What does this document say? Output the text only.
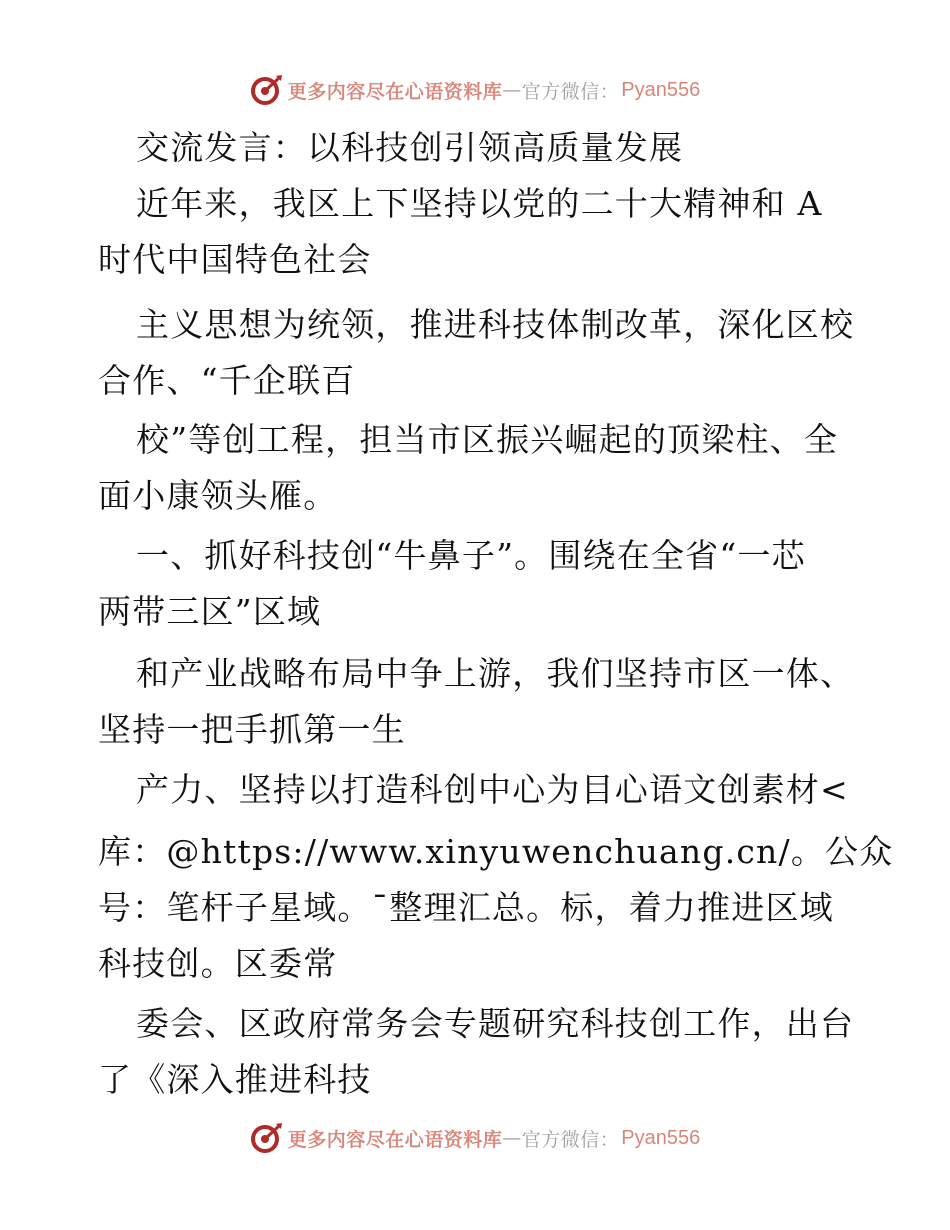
更多内容尽在心语资料库 — 官方微信： Pyan556
交流发言：以科技创引领高质量发展
近年来，我区上下坚持以党的二十大精神和 A
时代中国特色社会
主义思想为统领，推进科技体制改革，深化区校
合作、“千企联百
校”等创工程，担当市区振兴崛起的顶梁柱、全
面小康领头雁。
一、抓好科技创“牛鼻子”。围绕在全省“一芯
两带三区”区域
和产业战略布局中争上游，我们坚持市区一体、
坚持一把手抓第一生
产力、坚持以打造科创中心为目心语文创素材<
库：@https://www.xinyuwenchuang.cn/。公众
号：笔杆子星域。¯整理汇总。标，着力推进区域
科技创。区委常
委会、区政府常务会专题研究科技创工作，出台
了《深入推进科技
更多内容尽在心语资料库 — 官方微信： Pyan556
